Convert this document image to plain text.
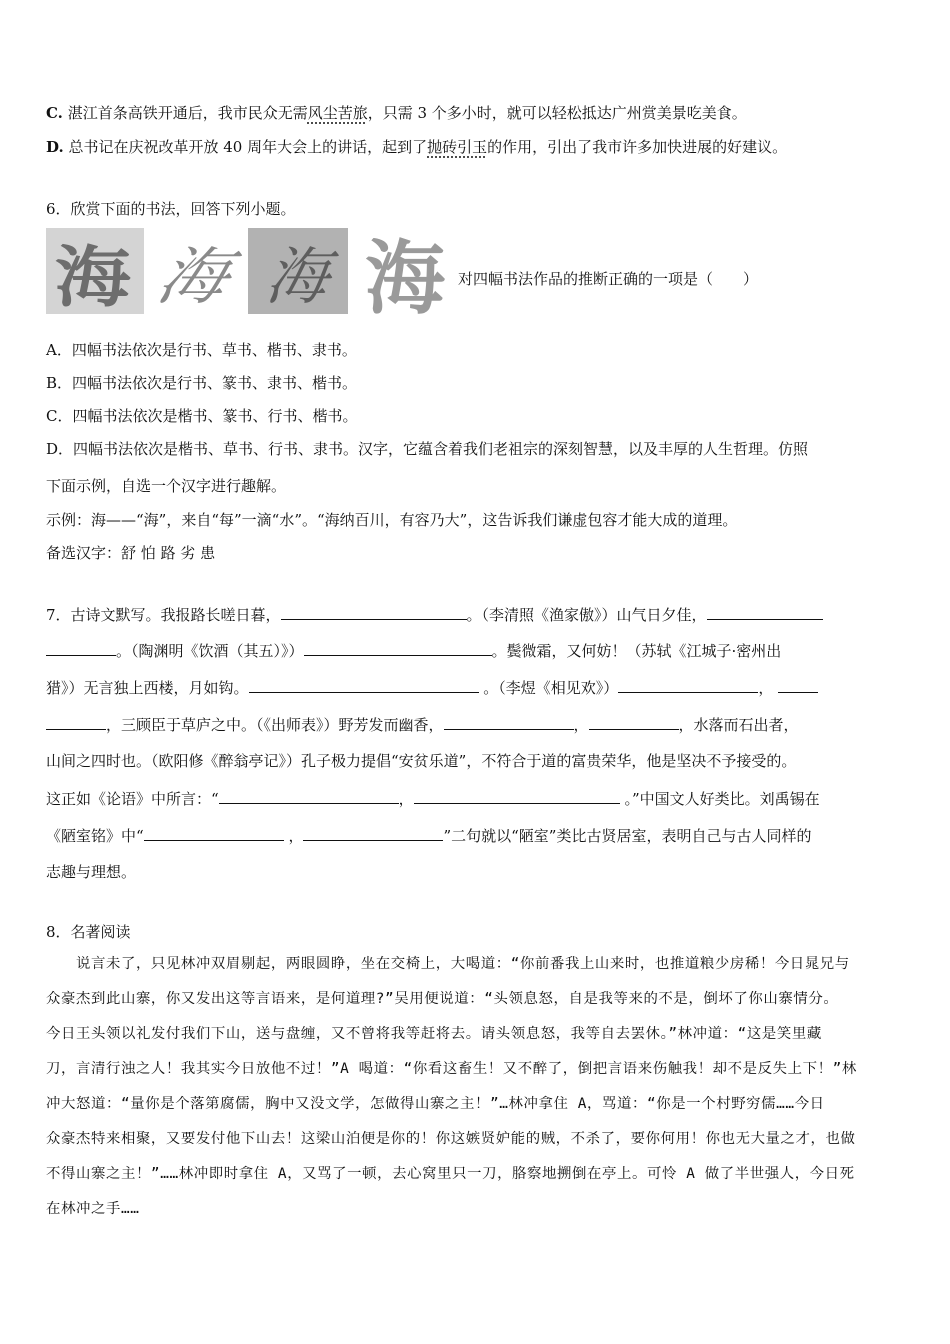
C. 湛江首条高铁开通后，我市民众无需风尘苦旅，只需 3 个多小时，就可以轻松抵达广州赏美景吃美食。
D. 总书记在庆祝改革开放 40 周年大会上的讲话，起到了抛砖引玉的作用，引出了我市许多加快进展的好建议。
6．欣赏下面的书法，回答下列小题。
海 海 海 海 对四幅书法作品的推断正确的一项是（　　）
A．四幅书法依次是行书、草书、楷书、隶书。
B．四幅书法依次是行书、篆书、隶书、楷书。
C．四幅书法依次是楷书、篆书、行书、楷书。
D．四幅书法依次是楷书、草书、行书、隶书。汉字，它蕴含着我们老祖宗的深刻智慧，以及丰厚的人生哲理。仿照
下面示例，自选一个汉字进行趣解。
示例：海——“海”，来自“每”一滴“水”。“海纳百川，有容乃大”，这告诉我们谦虚包容才能大成的道理。
备选汉字：舒 怕 路 劣 患
7．古诗文默写。我报路长嗟日暮，	。（李清照《渔家傲》）山气日夕佳，
。（陶渊明《饮酒（其五）》）	。鬓微霜，又何妨！（苏轼《江城子·密州出
猎》）无言独上西楼，月如钩。	。（李煜《相见欢》）	，
，三顾臣于草庐之中。（《出师表》）野芳发而幽香，	，	，水落而石出者，
山间之四时也。（欧阳修《醉翁亭记》）孔子极力提倡“安贫乐道”，不符合于道的富贵荣华，他是坚决不予接受的。
这正如《论语》中所言：“	，	。”中国文人好类比。刘禹锡在
《陋室铭》中“	，	”二句就以“陋室”类比古贤居室，表明自己与古人同样的
志趣与理想。
8．名著阅读
　　说言未了，只见林冲双眉剔起，两眼圆睁，坐在交椅上，大喝道：“你前番我上山来时，也推道粮少房稀！今日晁兄与
众豪杰到此山寨，你又发出这等言语来，是何道理?”吴用便说道：“头领息怒，自是我等来的不是，倒坏了你山寨情分。
今日王头领以礼发付我们下山，送与盘缠，又不曾将我等赶将去。请头领息怒，我等自去罢休。”林冲道：“这是笑里藏
刀，言清行浊之人！我其实今日放他不过！”A 喝道：“你看这畜生！又不醉了，倒把言语来伤触我！却不是反失上下！”林
冲大怒道：“量你是个落第腐儒，胸中又没文学，怎做得山寨之主！”…林冲拿住 A，骂道：“你是一个村野穷儒……今日
众豪杰特来相聚，又要发付他下山去！这梁山泊便是你的！你这嫉贤妒能的贼，不杀了，要你何用！你也无大量之才，也做
不得山寨之主！”……林冲即时拿住 A，又骂了一顿，去心窝里只一刀，胳察地搠倒在亭上。可怜 A 做了半世强人，今日死
在林冲之手……
